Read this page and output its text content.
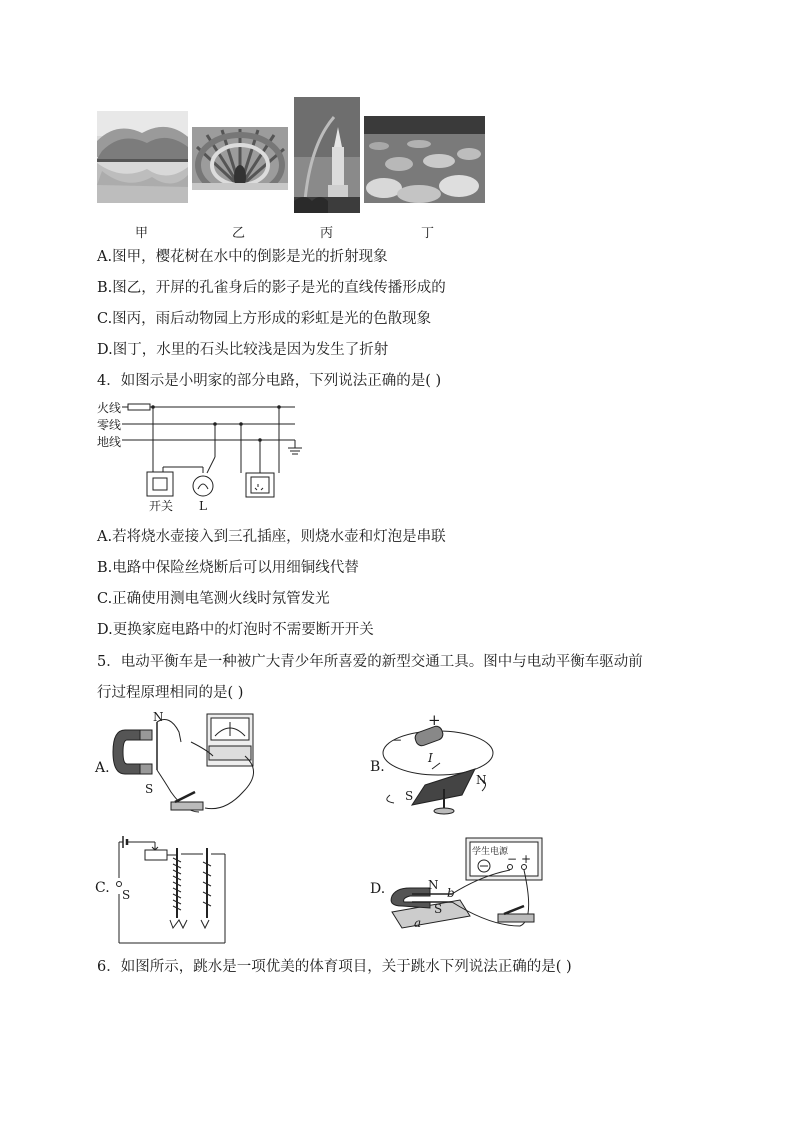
甲	乙	丙	丁
A.图甲，樱花树在水中的倒影是光的折射现象
B.图乙，开屏的孔雀身后的影子是光的直线传播形成的
C.图丙，雨后动物园上方形成的彩虹是光的色散现象
D.图丁，水里的石头比较浅是因为发生了折射
4．如图示是小明家的部分电路，下列说法正确的是( )
火线
零线
地线
开关 L
A.若将烧水壶接入到三孔插座，则烧水壶和灯泡是串联
B.电路中保险丝烧断后可以用细铜线代替
C.正确使用测电笔测火线时氖管发光
D.更换家庭电路中的灯泡时不需要断开开关
5．电动平衡车是一种被广大青少年所喜爱的新型交通工具。图中与电动平衡车驱动前
行过程原理相同的是( )
A.
N
S
B.
+
−
I
N
S
C. S	D.
学生电源
− +
N
b
S
a
6．如图所示，跳水是一项优美的体育项目，关于跳水下列说法正确的是( )
